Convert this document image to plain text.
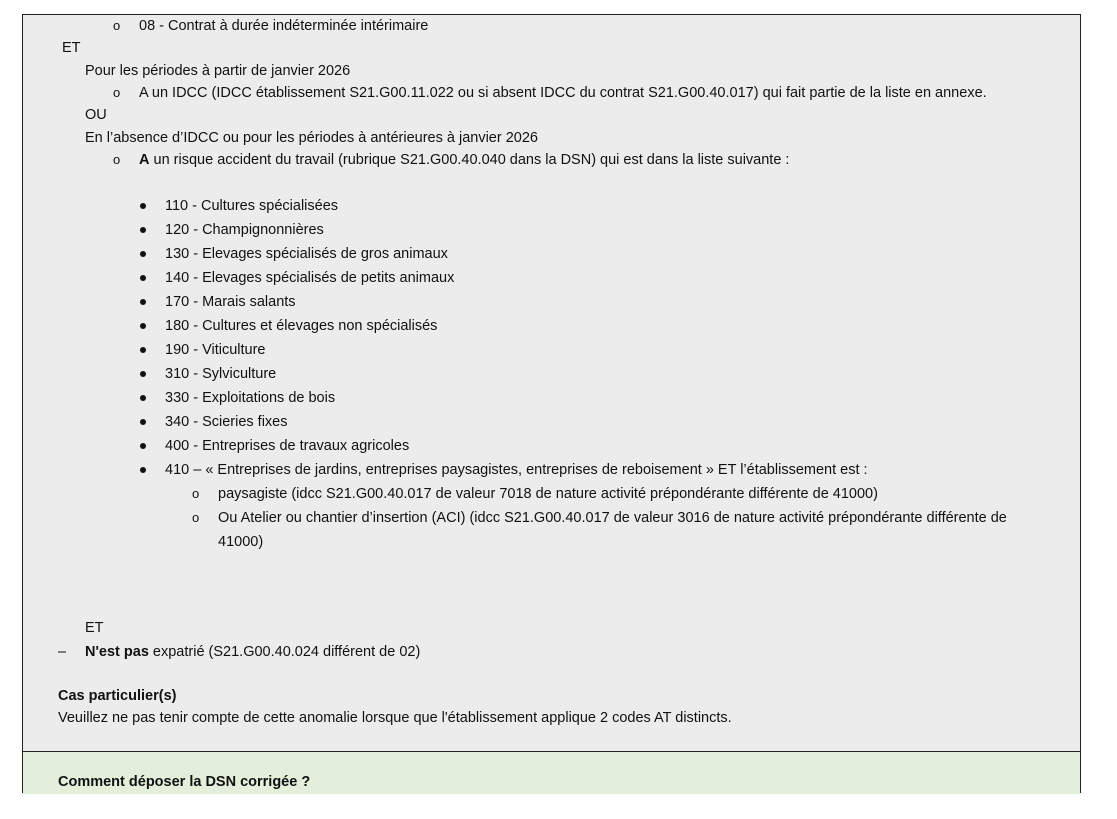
o 08 - Contrat à durée indéterminée intérimaire
ET
Pour les périodes à partir de janvier 2026
o A un IDCC (IDCC établissement S21.G00.11.022 ou si absent IDCC du contrat S21.G00.40.017) qui fait partie de la liste en annexe.
OU
En l’absence d’IDCC ou pour les périodes à antérieures à janvier 2026
o A un risque accident du travail (rubrique S21.G00.40.040 dans la DSN) qui est dans la liste suivante :
110 - Cultures spécialisées
120 - Champignonnières
130 - Elevages spécialisés de gros animaux
140 - Elevages spécialisés de petits animaux
170 - Marais salants
180 - Cultures et élevages non spécialisés
190 - Viticulture
310 - Sylviculture
330 - Exploitations de bois
340 - Scieries fixes
400 - Entreprises de travaux agricoles
410 – « Entreprises de jardins, entreprises paysagistes, entreprises de reboisement » ET l’établissement est :
o paysagiste (idcc S21.G00.40.017 de valeur 7018 de nature activité prépondérante différente de 41000)
o Ou Atelier ou chantier d’insertion (ACI) (idcc S21.G00.40.017 de valeur 3016 de nature activité prépondérante différente de
41000)
ET
– N'est pas expatrié (S21.G00.40.024 différent de 02)
Cas particulier(s)
Veuillez ne pas tenir compte de cette anomalie lorsque que l'établissement applique 2 codes AT distincts.
Comment déposer la DSN corrigée ?
